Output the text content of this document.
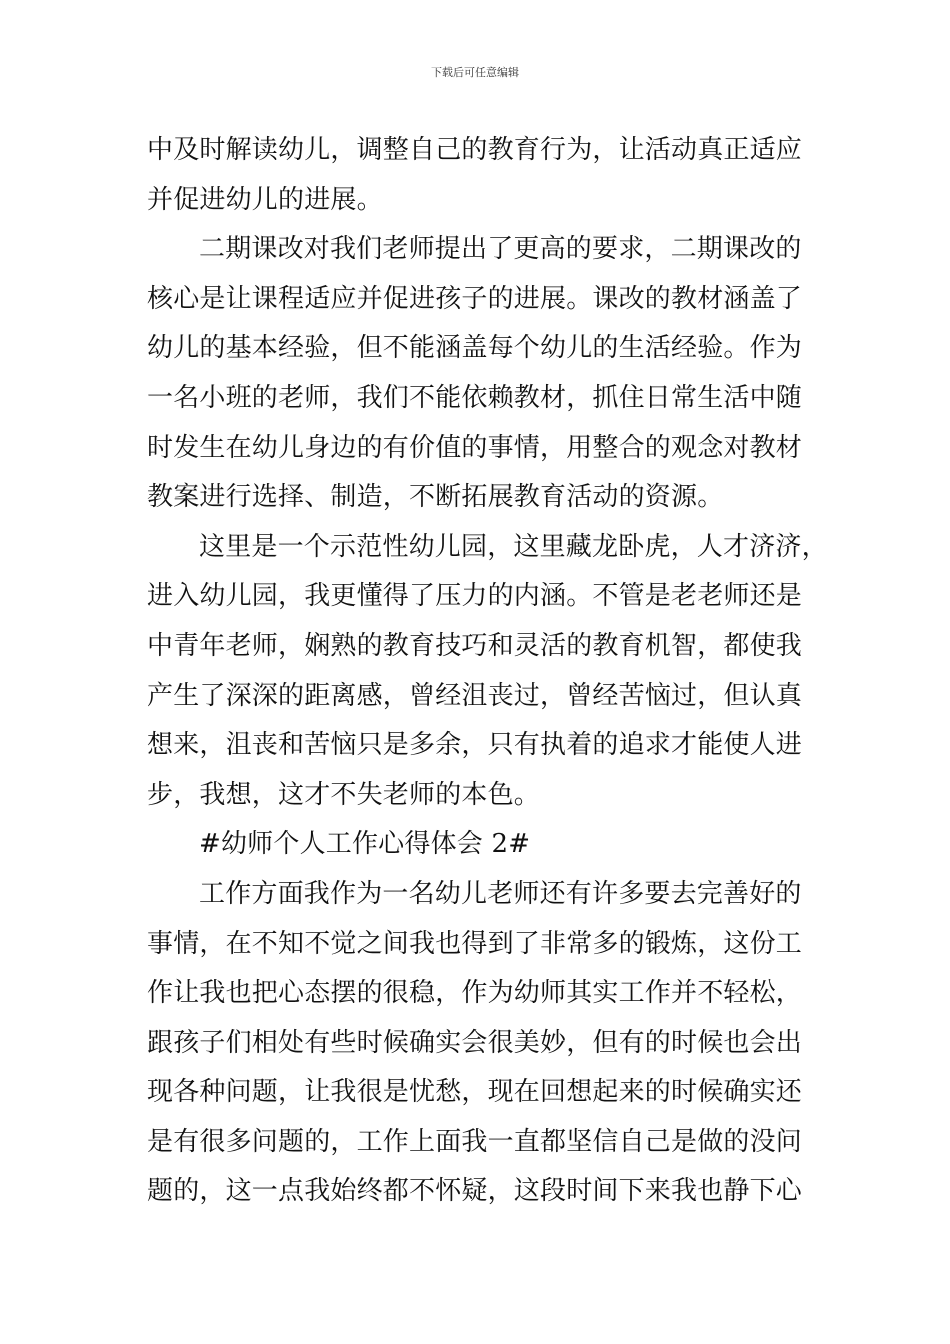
下载后可任意编辑
中及时解读幼儿，调整自己的教育行为，让活动真正适应
并促进幼儿的进展。
二期课改对我们老师提出了更高的要求，二期课改的
核心是让课程适应并促进孩子的进展。课改的教材涵盖了
幼儿的基本经验，但不能涵盖每个幼儿的生活经验。作为
一名小班的老师，我们不能依赖教材，抓住日常生活中随
时发生在幼儿身边的有价值的事情，用整合的观念对教材
教案进行选择、制造，不断拓展教育活动的资源。
这里是一个示范性幼儿园，这里藏龙卧虎，人才济济，
进入幼儿园，我更懂得了压力的内涵。不管是老老师还是
中青年老师，娴熟的教育技巧和灵活的教育机智，都使我
产生了深深的距离感，曾经沮丧过，曾经苦恼过，但认真
想来，沮丧和苦恼只是多余，只有执着的追求才能使人进
步，我想，这才不失老师的本色。
#幼师个人工作心得体会 2#
工作方面我作为一名幼儿老师还有许多要去完善好的
事情，在不知不觉之间我也得到了非常多的锻炼，这份工
作让我也把心态摆的很稳，作为幼师其实工作并不轻松，
跟孩子们相处有些时候确实会很美妙，但有的时候也会出
现各种问题，让我很是忧愁，现在回想起来的时候确实还
是有很多问题的，工作上面我一直都坚信自己是做的没问
题的，这一点我始终都不怀疑，这段时间下来我也静下心
